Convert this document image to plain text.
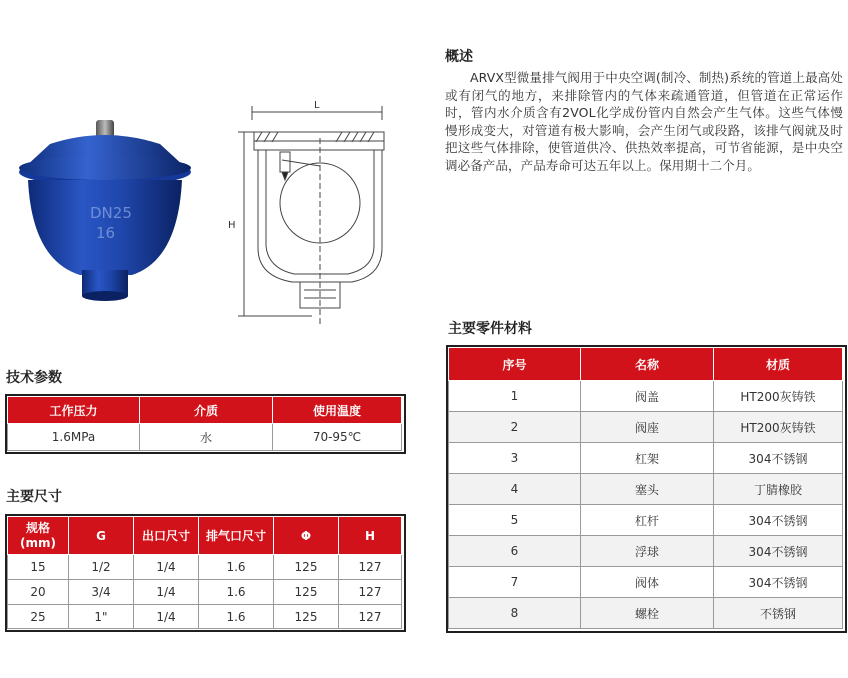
DN25
16
L
H
概述

ARVX型微量排气阀用于中央空调(制冷、制热)系统的管道上最高处或有闭气的地方，来排除管内的气体来疏通管道，但管道在正常运作时，管内水介质含有2VOL化学成份管内自然会产生气体。这些气体慢慢形成变大，对管道有极大影响，会产生闭气或段路，该排气阀就及时把这些气体排除，使管道供冷、供热效率提高，可节省能源，是中央空调必备产品，产品寿命可达五年以上。保用期十二个月。

技术参数
工作压力	介质	使用温度
1.6MPa	水	70-95℃
主要尺寸
规格
(mm)	G	出口尺寸	排气口尺寸	Φ	H
15	1/2	1/4	1.6	125	127
20	3/4	1/4	1.6	125	127
25	1"	1/4	1.6	125	127
主要零件材料
序号	名称	材质
1	阀盖	HT200灰铸铁
2	阀座	HT200灰铸铁
3	杠架	304不锈钢
4	塞头	丁腈橡胶
5	杠杆	304不锈钢
6	浮球	304不锈钢
7	阀体	304不锈钢
8	螺栓	不锈钢
